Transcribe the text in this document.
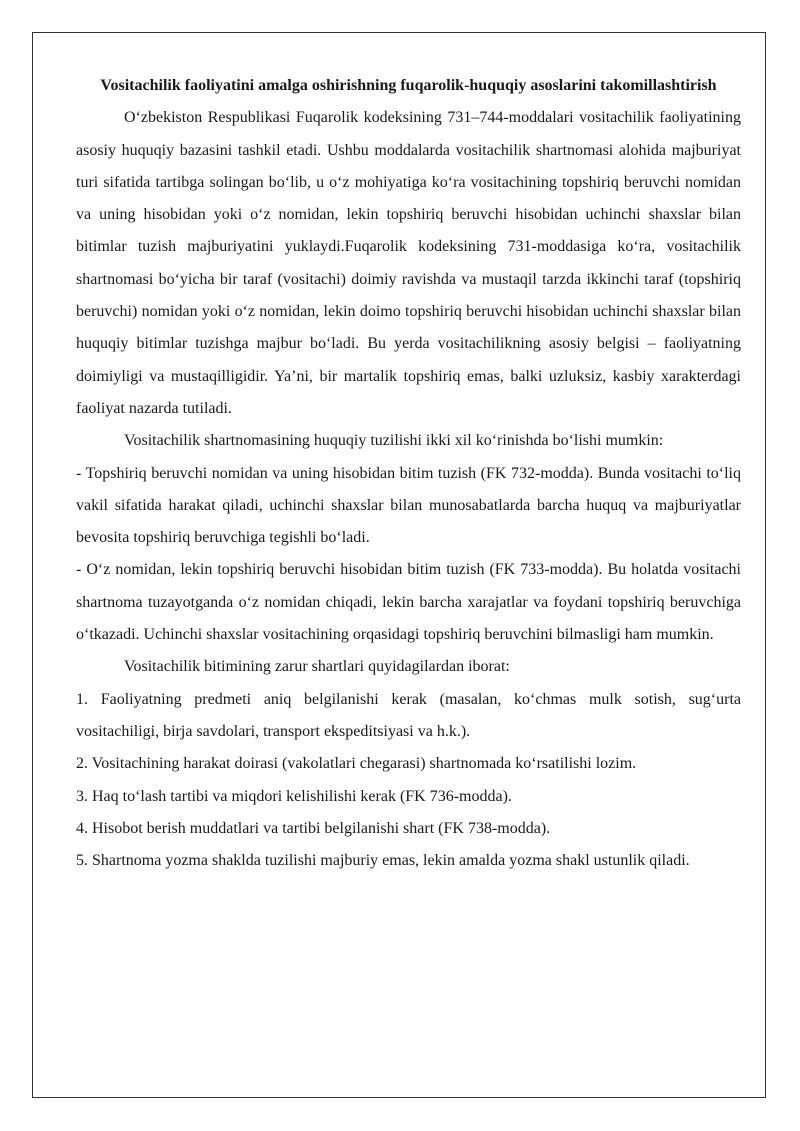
Vositachilik faoliyatini amalga oshirishning fuqarolik-huquqiy asoslarini takomillashtirish

O‘zbekiston Respublikasi Fuqarolik kodeksining 731–744-moddalari vositachilik faoliyatining asosiy huquqiy bazasini tashkil etadi. Ushbu moddalarda vositachilik shartnomasi alohida majburiyat turi sifatida tartibga solingan bo‘lib, u o‘z mohiyatiga ko‘ra vositachining topshiriq beruvchi nomidan va uning hisobidan yoki o‘z nomidan, lekin topshiriq beruvchi hisobidan uchinchi shaxslar bilan bitimlar tuzish majburiyatini yuklaydi.Fuqarolik kodeksining 731-moddasiga ko‘ra, vositachilik shartnomasi bo‘yicha bir taraf (vositachi) doimiy ravishda va mustaqil tarzda ikkinchi taraf (topshiriq beruvchi) nomidan yoki o‘z nomidan, lekin doimo topshiriq beruvchi hisobidan uchinchi shaxslar bilan huquqiy bitimlar tuzishga majbur bo‘ladi. Bu yerda vositachilikning asosiy belgisi – faoliyatning doimiyligi va mustaqilligidir. Ya’ni, bir martalik topshiriq emas, balki uzluksiz, kasbiy xarakterdagi faoliyat nazarda tutiladi.

Vositachilik shartnomasining huquqiy tuzilishi ikki xil ko‘rinishda bo‘lishi mumkin:

- Topshiriq beruvchi nomidan va uning hisobidan bitim tuzish (FK 732-modda). Bunda vositachi to‘liq vakil sifatida harakat qiladi, uchinchi shaxslar bilan munosabatlarda barcha huquq va majburiyatlar bevosita topshiriq beruvchiga tegishli bo‘ladi.

- O‘z nomidan, lekin topshiriq beruvchi hisobidan bitim tuzish (FK 733-modda). Bu holatda vositachi shartnoma tuzayotganda o‘z nomidan chiqadi, lekin barcha xarajatlar va foydani topshiriq beruvchiga o‘tkazadi. Uchinchi shaxslar vositachining orqasidagi topshiriq beruvchini bilmasligi ham mumkin.

Vositachilik bitimining zarur shartlari quyidagilardan iborat:

1. Faoliyatning predmeti aniq belgilanishi kerak (masalan, ko‘chmas mulk sotish, sug‘urta vositachiligi, birja savdolari, transport ekspeditsiyasi va h.k.).

2. Vositachining harakat doirasi (vakolatlari chegarasi) shartnomada ko‘rsatilishi lozim.

3. Haq to‘lash tartibi va miqdori kelishilishi kerak (FK 736-modda).

4. Hisobot berish muddatlari va tartibi belgilanishi shart (FK 738-modda).

5. Shartnoma yozma shaklda tuzilishi majburiy emas, lekin amalda yozma shakl ustunlik qiladi.
